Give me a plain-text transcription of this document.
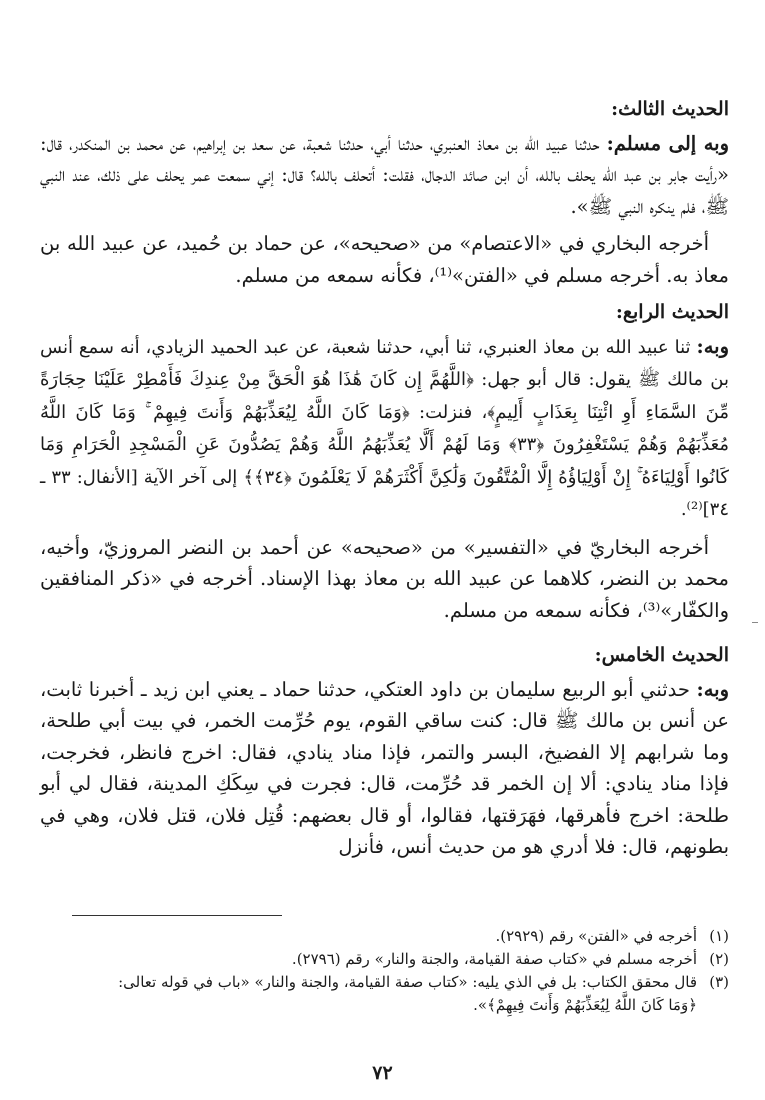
الحديث الثالث:

وبه إلى مسلم: حدثنا عبيد الله بن معاذ العنبري، حدثنا أبي، حدثنا شعبة، عن سعد بن إبراهيم، عن محمد بن المنكدر، قال: «رأيت جابر بن عبد الله يحلف بالله، أن ابن صائد الدجال، فقلت: أتحلف بالله؟ قال: إني سمعت عمر يحلف على ذلك، عند النبي ﷺ، فلم ينكره النبي ﷺ».

أخرجه البخاري في «الاعتصام» من «صحيحه»، عن حماد بن حُميد، عن عبيد الله بن معاذ به. أخرجه مسلم في «الفتن»⁽¹⁾، فكأنه سمعه من مسلم.

الحديث الرابع:

وبه: ثنا عبيد الله بن معاذ العنبري، ثنا أبي، حدثنا شعبة، عن عبد الحميد الزيادي، أنه سمع أنس بن مالك ﷺ يقول: قال أبو جهل: ﴿اللَّهُمَّ إِن كَانَ هَٰذَا هُوَ الْحَقَّ مِنْ عِندِكَ فَأَمْطِرْ عَلَيْنَا حِجَارَةً مِّنَ السَّمَاءِ أَوِ ائْتِنَا بِعَذَابٍ أَلِيمٍ﴾، فنزلت: ﴿وَمَا كَانَ اللَّهُ لِيُعَذِّبَهُمْ وَأَنتَ فِيهِمْ ۚ وَمَا كَانَ اللَّهُ مُعَذِّبَهُمْ وَهُمْ يَسْتَغْفِرُونَ ﴿٣٣﴾ وَمَا لَهُمْ أَلَّا يُعَذِّبَهُمُ اللَّهُ وَهُمْ يَصُدُّونَ عَنِ الْمَسْجِدِ الْحَرَامِ وَمَا كَانُوا أَوْلِيَاءَهُ ۚ إِنْ أَوْلِيَاؤُهُ إِلَّا الْمُتَّقُونَ وَلَٰكِنَّ أَكْثَرَهُمْ لَا يَعْلَمُونَ ﴿٣٤﴾﴾ إلى آخر الآية [الأنفال: ٣٣ ـ ٣٤]⁽²⁾.

أخرجه البخاريّ في «التفسير» من «صحيحه» عن أحمد بن النضر المروزيّ، وأخيه، محمد بن النضر، كلاهما عن عبيد الله بن معاذ بهذا الإسناد. أخرجه في «ذكر المنافقين والكفّار»⁽³⁾، فكأنه سمعه من مسلم.

الحديث الخامس:

وبه: حدثني أبو الربيع سليمان بن داود العتكي، حدثنا حماد ـ يعني ابن زيد ـ أخبرنا ثابت، عن أنس بن مالك ﷺ قال: كنت ساقي القوم، يوم حُرِّمت الخمر، في بيت أبي طلحة، وما شرابهم إلا الفضيخ، البسر والتمر، فإذا مناد ينادي، فقال: اخرج فانظر، فخرجت، فإذا مناد ينادي: ألا إن الخمر قد حُرِّمت، قال: فجرت في سِكَكِ المدينة، فقال لي أبو طلحة: اخرج فأهرقها، فهَرَقتها، فقالوا، أو قال بعضهم: قُتِل فلان، قتل فلان، وهي في بطونهم، قال: فلا أدري هو من حديث أنس، فأنزل

(١)
أخرجه في «الفتن» رقم (٢٩٢٩).
(٢)
أخرجه مسلم في «كتاب صفة القيامة، والجنة والنار» رقم (٢٧٩٦).
(٣)
قال محقق الكتاب: بل في الذي يليه: «كتاب صفة القيامة، والجنة والنار» «باب في قوله تعالى:
﴿وَمَا كَانَ اللَّهُ لِيُعَذِّبَهُمْ وَأَنتَ فِيهِمْ﴾».
٧٢
